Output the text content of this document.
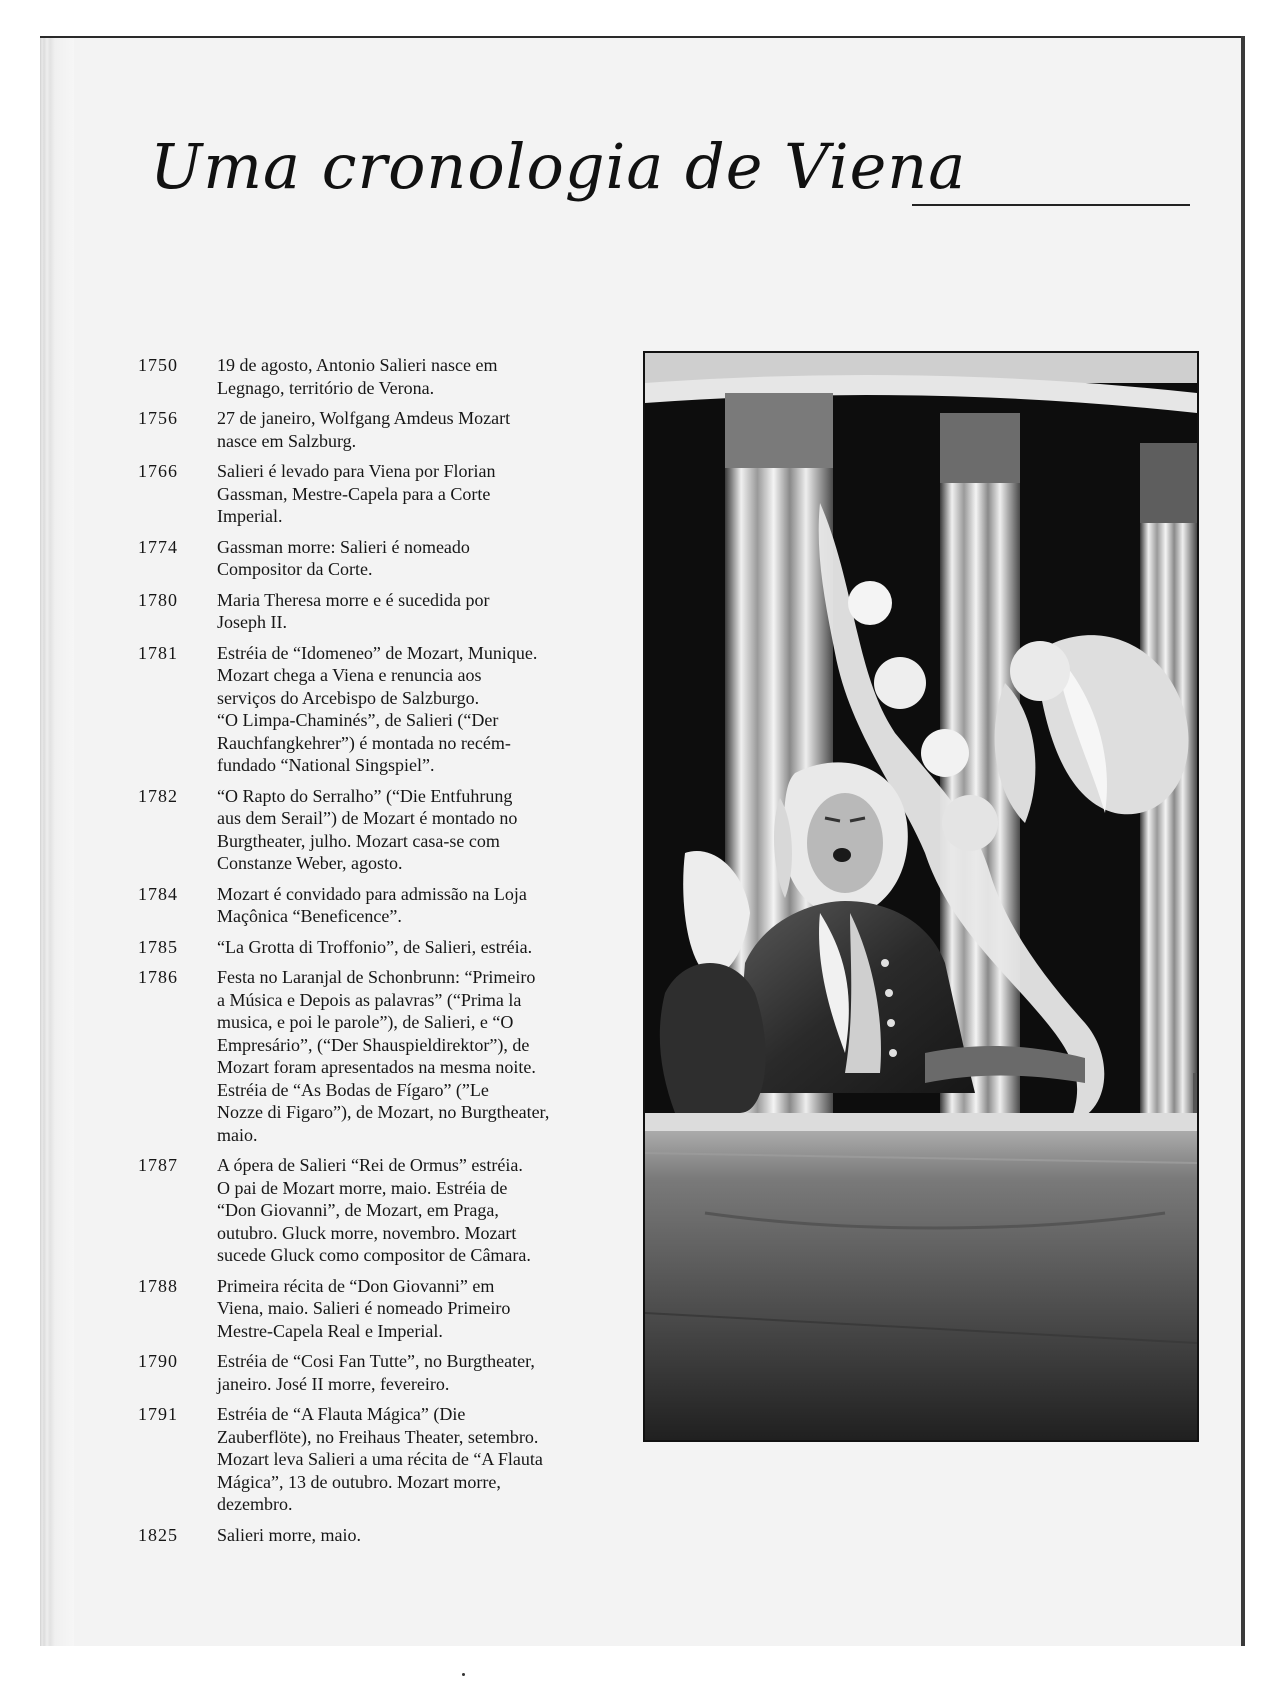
Uma cronologia de Viena
1750	19 de agosto, Antonio Salieri nasce em
Legnago, território de Verona.
1756	27 de janeiro, Wolfgang Amdeus Mozart
nasce em Salzburg.
1766	Salieri é levado para Viena por Florian
Gassman, Mestre-Capela para a Corte
Imperial.
1774	Gassman morre: Salieri é nomeado
Compositor da Corte.
1780	Maria Theresa morre e é sucedida por
Joseph II.
1781	Estréia de “Idomeneo” de Mozart, Munique.
Mozart chega a Viena e renuncia aos
serviços do Arcebispo de Salzburgo.
“O Limpa-Chaminés”, de Salieri (“Der
Rauchfangkehrer”) é montada no recém-
fundado “National Singspiel”.
1782	“O Rapto do Serralho” (“Die Entfuhrung
aus dem Serail”) de Mozart é montado no
Burgtheater, julho. Mozart casa-se com
Constanze Weber, agosto.
1784	Mozart é convidado para admissão na Loja
Maçônica “Beneficence”.
1785	“La Grotta di Troffonio”, de Salieri, estréia.
1786	Festa no Laranjal de Schonbrunn: “Primeiro
a Música e Depois as palavras” (“Prima la
musica, e poi le parole”), de Salieri, e “O
Empresário”, (“Der Shauspieldirektor”), de
Mozart foram apresentados na mesma noite.
Estréia de “As Bodas de Fígaro” (”Le
Nozze di Figaro”), de Mozart, no Burgtheater,
maio.
1787	A ópera de Salieri “Rei de Ormus” estréia.
O pai de Mozart morre, maio. Estréia de
“Don Giovanni”, de Mozart, em Praga,
outubro. Gluck morre, novembro. Mozart
sucede Gluck como compositor de Câmara.
1788	Primeira récita de “Don Giovanni” em
Viena, maio. Salieri é nomeado Primeiro
Mestre-Capela Real e Imperial.
1790	Estréia de “Cosi Fan Tutte”, no Burgtheater,
janeiro. José II morre, fevereiro.
1791	Estréia de “A Flauta Mágica” (Die
Zauberflöte), no Freihaus Theater, setembro.
Mozart leva Salieri a uma récita de “A Flauta
Mágica”, 13 de outubro. Mozart morre,
dezembro.
1825	Salieri morre, maio.
